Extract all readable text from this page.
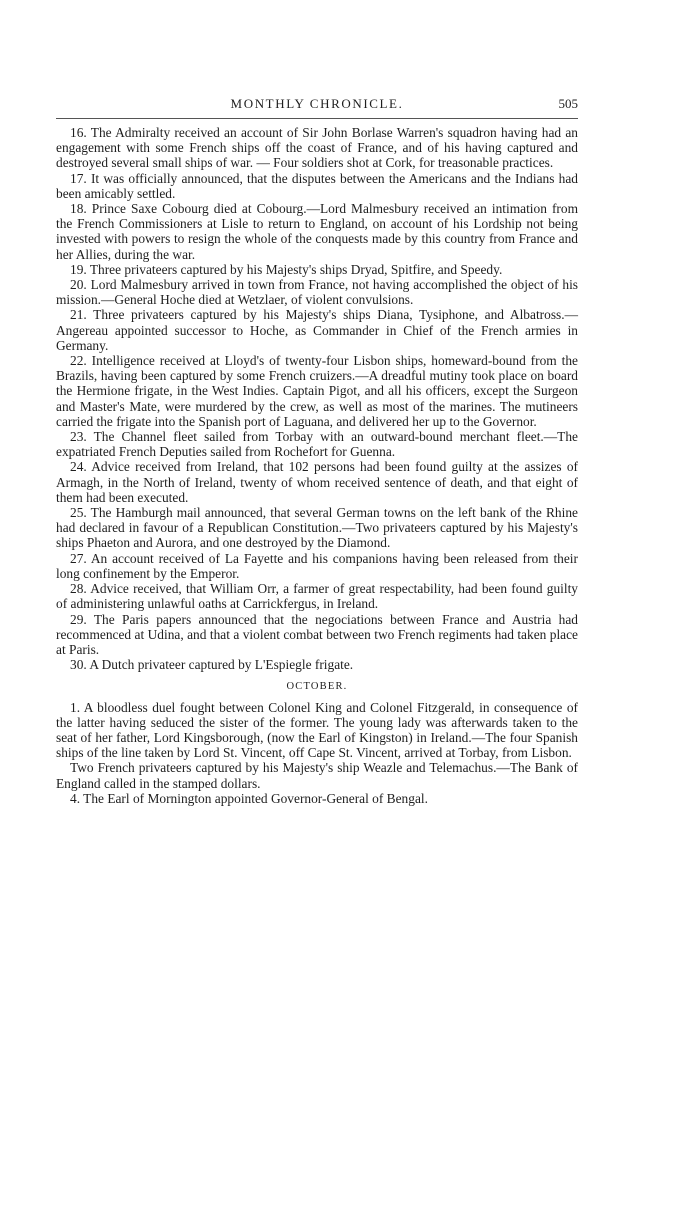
MONTHLY CHRONICLE.	505

16. The Admiralty received an account of Sir John Borlase Warren's squadron having had an engagement with some French ships off the coast of France, and of his having captured and destroyed several small ships of war. — Four soldiers shot at Cork, for treasonable practices.

17. It was officially announced, that the disputes between the Americans and the Indians had been amicably settled.

18. Prince Saxe Cobourg died at Cobourg.—Lord Malmesbury received an intimation from the French Commissioners at Lisle to return to England, on account of his Lordship not being invested with powers to resign the whole of the conquests made by this country from France and her Allies, during the war.

19. Three privateers captured by his Majesty's ships Dryad, Spitfire, and Speedy.

20. Lord Malmesbury arrived in town from France, not having accomplished the object of his mission.—General Hoche died at Wetzlaer, of violent convulsions.

21. Three privateers captured by his Majesty's ships Diana, Tysiphone, and Albatross.—Angereau appointed successor to Hoche, as Commander in Chief of the French armies in Germany.

22. Intelligence received at Lloyd's of twenty-four Lisbon ships, homeward-bound from the Brazils, having been captured by some French cruizers.—A dreadful mutiny took place on board the Hermione frigate, in the West Indies. Captain Pigot, and all his officers, except the Surgeon and Master's Mate, were murdered by the crew, as well as most of the marines. The mutineers carried the frigate into the Spanish port of Laguana, and delivered her up to the Governor.

23. The Channel fleet sailed from Torbay with an outward-bound merchant fleet.—The expatriated French Deputies sailed from Rochefort for Guenna.

24. Advice received from Ireland, that 102 persons had been found guilty at the assizes of Armagh, in the North of Ireland, twenty of whom received sentence of death, and that eight of them had been executed.

25. The Hamburgh mail announced, that several German towns on the left bank of the Rhine had declared in favour of a Republican Constitution.—Two privateers captured by his Majesty's ships Phaeton and Aurora, and one destroyed by the Diamond.

27. An account received of La Fayette and his companions having been released from their long confinement by the Emperor.

28. Advice received, that William Orr, a farmer of great respectability, had been found guilty of administering unlawful oaths at Carrickfergus, in Ireland.

29. The Paris papers announced that the negociations between France and Austria had recommenced at Udina, and that a violent combat between two French regiments had taken place at Paris.

30. A Dutch privateer captured by L'Espiegle frigate.

OCTOBER.

1. A bloodless duel fought between Colonel King and Colonel Fitzgerald, in consequence of the latter having seduced the sister of the former. The young lady was afterwards taken to the seat of her father, Lord Kingsborough, (now the Earl of Kingston) in Ireland.—The four Spanish ships of the line taken by Lord St. Vincent, off Cape St. Vincent, arrived at Torbay, from Lisbon.

Two French privateers captured by his Majesty's ship Weazle and Telemachus.—The Bank of England called in the stamped dollars.

4. The Earl of Mornington appointed Governor-General of Bengal.
